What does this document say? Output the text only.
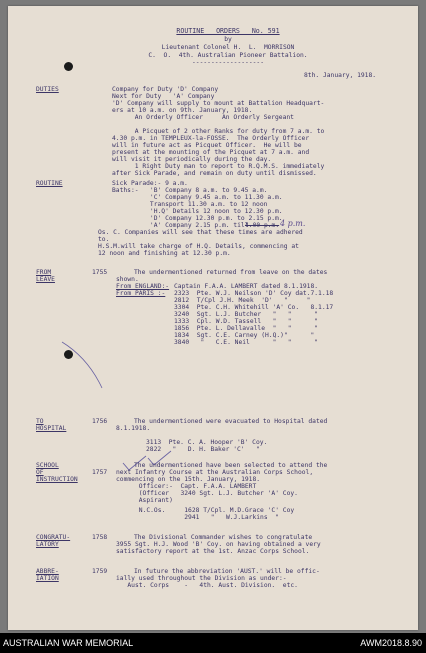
ROUTINE   ORDERS   No. 591
by
Lieutenant Colonel H.  L.  MORRISON
C.  O.  4th. Australian Pioneer Battalion.
-------------------
8th. January, 1918.
DUTIES	Company for Duty 'D' Company
Next for Duty   'A' Company
'D' Company will supply to mount at Battalion Headquart-
ers at 10 a.m. on 9th. January, 1918.
An Orderly Officer     An Orderly Sergeant
A Picquet of 2 other Ranks for duty from 7 a.m. to
4.30 p.m. in TEMPLEUX-la-FOSSE.  The Orderly Officer
will in future act as Picquet Officer.  He will be
present at the mounting of the Picquet at 7 a.m. and
will visit it periodically during the day.
1 Right Duty man to report to R.Q.M.S. immediately
after Sick Parade, and remain on duty until dismissed.
ROUTINE	Sick Parade:- 9 a.m.
Baths:-   'B' Company 8 a.m. to 9.45 a.m.
'C' Company 9.45 a.m. to 11.30 a.m.
Transport 11.30 a.m. to 12 noon
'H.Q' Details 12 noon to 12.30 p.m.
'D' Company 12.30 p.m. to 2.15 p.m.
'A' Company 2.15 p.m. till
4.00 p.m. 4 p.m.
Os. C. Companies will see that these times are adhered
to.
H.S.M.will take charge of H.Q. Details, commencing at
12 noon and finishing at 12.30 p.m.
FROM
LEAVE
1755	The undermentioned returned from leave on the dates
shown.
From ENGLAND:- Captain F.A.A. LAMBERT dated 8.1.1918.
From PARIS :- 2323  Pte. W.J. Neilson 'D' Coy dat.7.1.18
2812  T/Cpl J.H. Meek  'D'   "     "
3304  Pte. C.H. Whitehill 'A' Co.   8.1.17
3240  Sgt. L.J. Butcher   "   "      "
1333  Cpl. W.D. Tassell   "   "      "
1856  Pte. L. Dellavalle  "   "      "
1834  Sgt. C.E. Carney (H.Q.)"      "
3840   "   C.E. Neil      "   "      "
TO
HOSPITAL
1756	The undermentioned were evacuated to Hospital dated
8.1.1918.
3113  Pte. C. A. Hooper 'B' Coy.
2822   "   D. H. Baker 'C'   "
SCHOOL
OF
INSTRUCTION
1757
The undermentioned have been selected to attend the
next Infantry Course at the Australian Corps School,
commencing on the 15th. January, 1918.
Officer:-  Capt. F.A.A. LAMBERT
(Officer   3240 Sgt. L.J. Butcher 'A' Coy.
Aspirant)
N.C.Os.     1628 T/Cpl. M.D.Grace 'C' Coy
2941   "   W.J.Larkins  "
CONGRATU-
LATORY
1758	The Divisional Commander wishes to congratulate
3955 Sgt. H.J. Wood 'B' Coy. on having obtained a very
satisfactory report at the 1st. Anzac Corps School.
ABBRE-
IATION
1759	In future the abbreviation 'AUST.' will be offic-
ially used throughout the Division as under:-
Aust. Corps    -   4th. Aust. Division.  etc.
AUSTRALIAN WAR MEMORIAL	AWM2018.8.90
